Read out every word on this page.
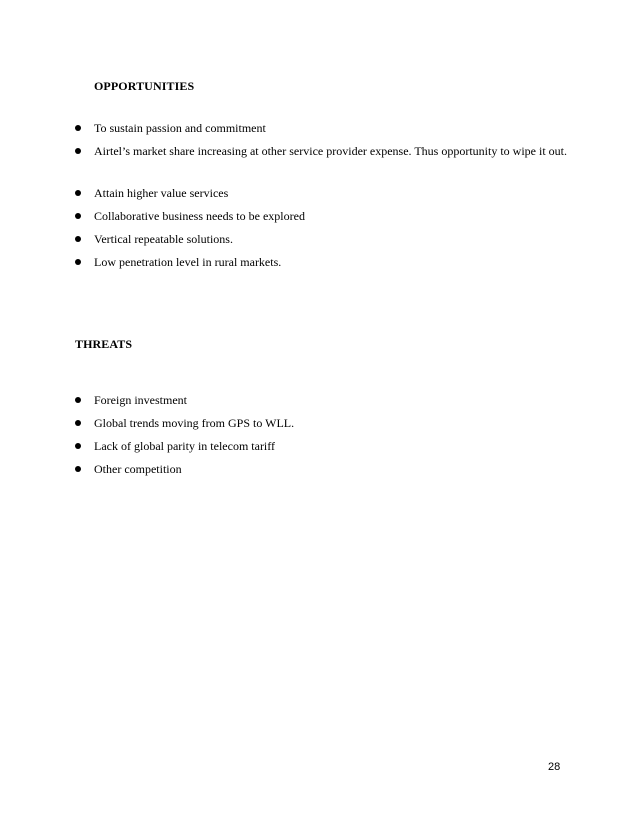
OPPORTUNITIES
To sustain passion and commitment
Airtel’s market share increasing at other service provider expense. Thus opportunity to wipe it out.
Attain higher value services
Collaborative business needs to be explored
Vertical repeatable solutions.
Low penetration level in rural markets.
THREATS
Foreign investment
Global trends moving from GPS to WLL.
Lack of global parity in telecom tariff
Other competition
28
